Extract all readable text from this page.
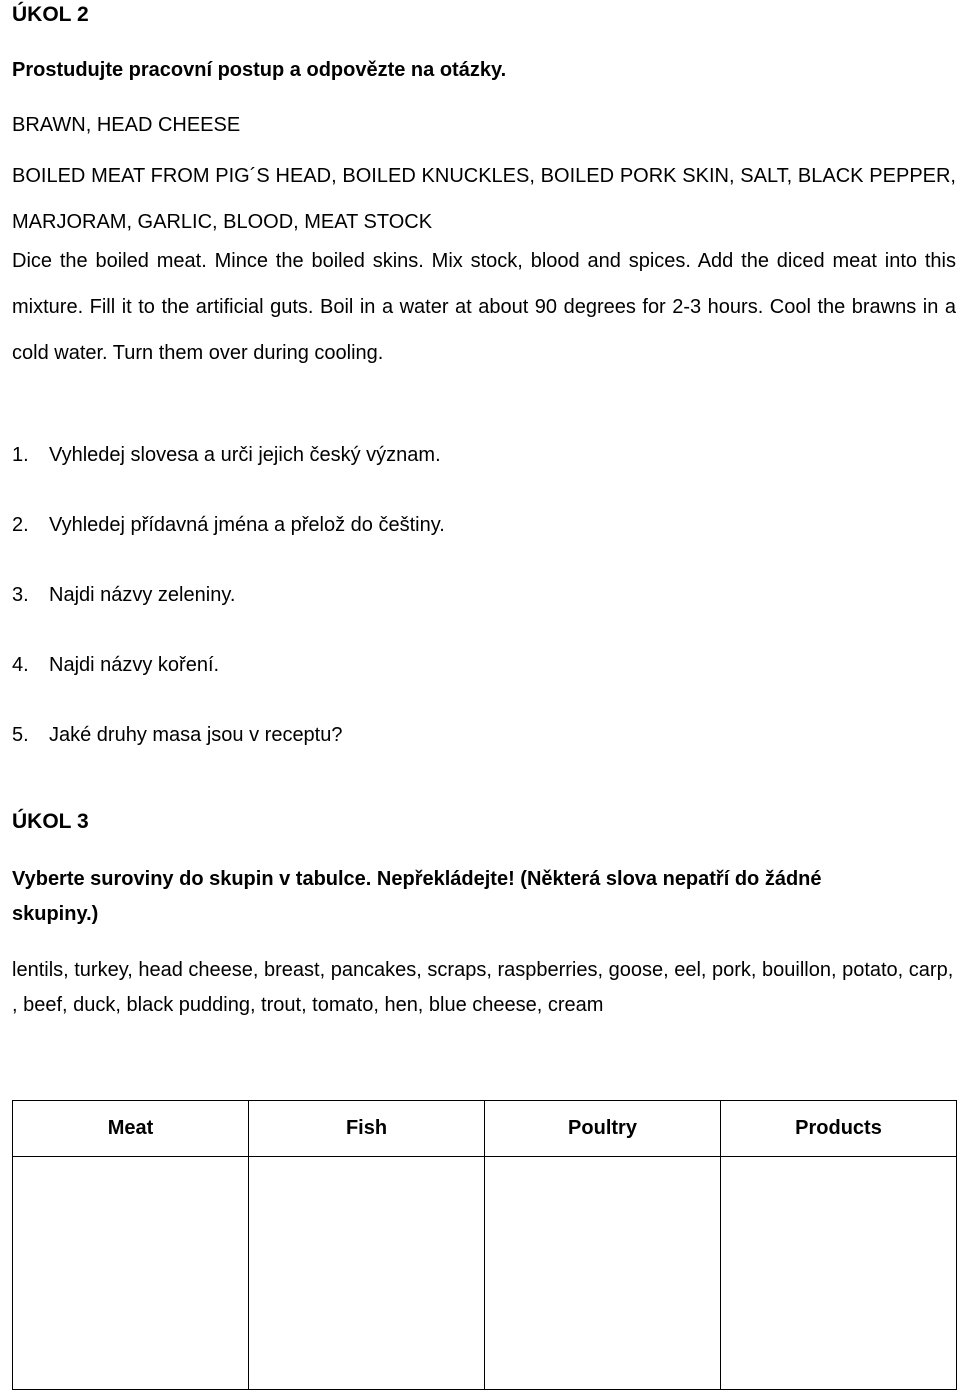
ÚKOL 2
Prostudujte pracovní postup a odpovězte na otázky.
BRAWN, HEAD CHEESE
BOILED MEAT FROM PIG´S HEAD, BOILED KNUCKLES, BOILED PORK SKIN, SALT, BLACK PEPPER, MARJORAM, GARLIC, BLOOD, MEAT STOCK
Dice the boiled meat. Mince the boiled skins. Mix stock, blood and spices. Add the diced meat into this mixture. Fill it to the artificial guts. Boil in a water at about 90 degrees for 2-3 hours. Cool the brawns in a cold water. Turn them over during cooling.
1. Vyhledej slovesa a urči jejich český význam.
2. Vyhledej přídavná jména a přelož do češtiny.
3. Najdi názvy zeleniny.
4. Najdi názvy koření.
5. Jaké druhy masa jsou v receptu?
ÚKOL 3
Vyberte suroviny do skupin v tabulce. Nepřekládejte! (Některá slova nepatří do žádné skupiny.)
lentils, turkey, head cheese, breast, pancakes, scraps, raspberries, goose, eel, pork, bouillon, potato, carp, , beef, duck, black pudding, trout, tomato, hen, blue cheese, cream
Meat	Fish	Poultry	Products
